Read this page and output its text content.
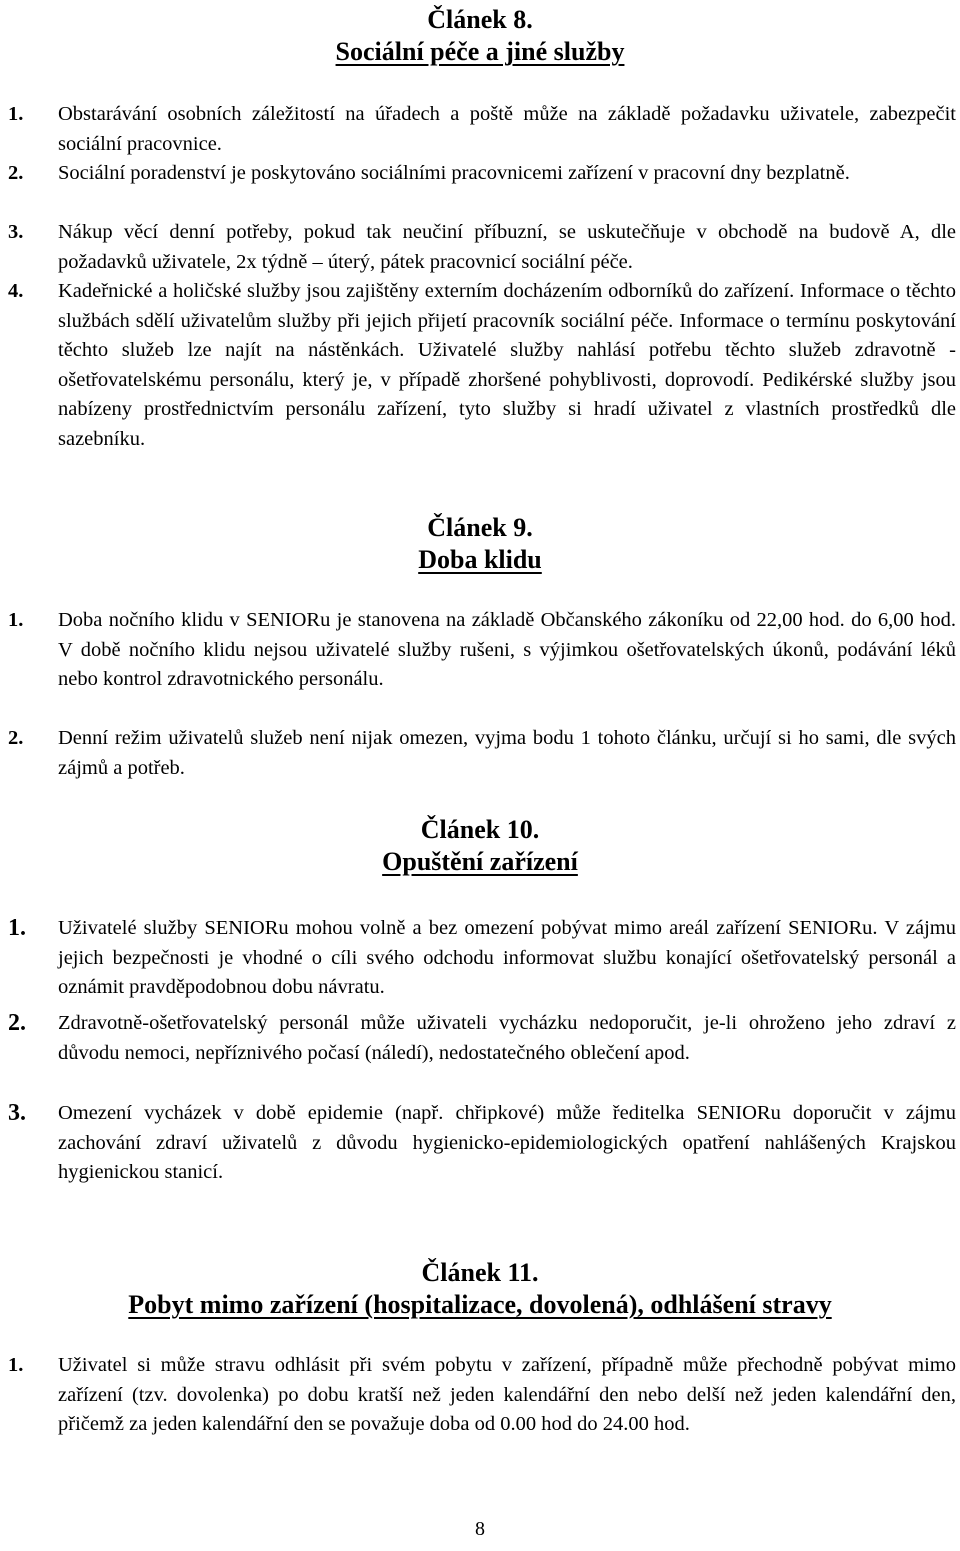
Článek 8.
Sociální péče a jiné služby
1. Obstarávání osobních záležitostí na úřadech a poště může na základě požadavku uživatele, zabezpečit sociální pracovnice.
2. Sociální poradenství je poskytováno sociálními pracovnicemi zařízení v pracovní dny bezplatně.
3. Nákup věcí denní potřeby, pokud tak neučiní příbuzní, se uskutečňuje v obchodě na budově A, dle požadavků uživatele, 2x týdně – úterý, pátek pracovnicí sociální péče.
4. Kadeřnické a holičské služby jsou zajištěny externím docházením odborníků do zařízení. Informace o těchto službách sdělí uživatelům služby při jejich přijetí pracovník sociální péče. Informace o termínu poskytování těchto služeb lze najít na nástěnkách. Uživatelé služby nahlásí potřebu těchto služeb zdravotně - ošetřovatelskému personálu, který je, v případě zhoršené pohyblivosti, doprovodí. Pedikérské služby jsou nabízeny prostřednictvím personálu zařízení, tyto služby si hradí uživatel z vlastních prostředků dle sazebníku.
Článek 9.
Doba klidu
1. Doba nočního klidu v SENIORu je stanovena na základě Občanského zákoníku od 22,00 hod. do 6,00 hod. V době nočního klidu nejsou uživatelé služby rušeni, s výjimkou ošetřovatelských úkonů, podávání léků nebo kontrol zdravotnického personálu.
2. Denní režim uživatelů služeb není nijak omezen, vyjma bodu 1 tohoto článku, určují si ho sami, dle svých zájmů a potřeb.
Článek 10.
Opuštění zařízení
1. Uživatelé služby SENIORu mohou volně a bez omezení pobývat mimo areál zařízení SENIORu. V zájmu jejich bezpečnosti je vhodné o cíli svého odchodu informovat službu konající ošetřovatelský personál a oznámit pravděpodobnou dobu návratu.
2. Zdravotně-ošetřovatelský personál může uživateli vycházku nedoporučit, je-li ohroženo jeho zdraví z důvodu nemoci, nepříznivého počasí (náledí), nedostatečného oblečení apod.
3. Omezení vycházek v době epidemie (např. chřipkové) může ředitelka SENIORu doporučit v zájmu zachování zdraví uživatelů z důvodu hygienicko-epidemiologických opatření nahlášených Krajskou hygienickou stanicí.
Článek 11.
Pobyt mimo zařízení (hospitalizace, dovolená), odhlášení stravy
1. Uživatel si může stravu odhlásit při svém pobytu v zařízení, případně může přechodně pobývat mimo zařízení (tzv. dovolenka) po dobu kratší než jeden kalendářní den nebo delší než jeden kalendářní den, přičemž za jeden kalendářní den se považuje doba od 0.00 hod do 24.00 hod.
8
